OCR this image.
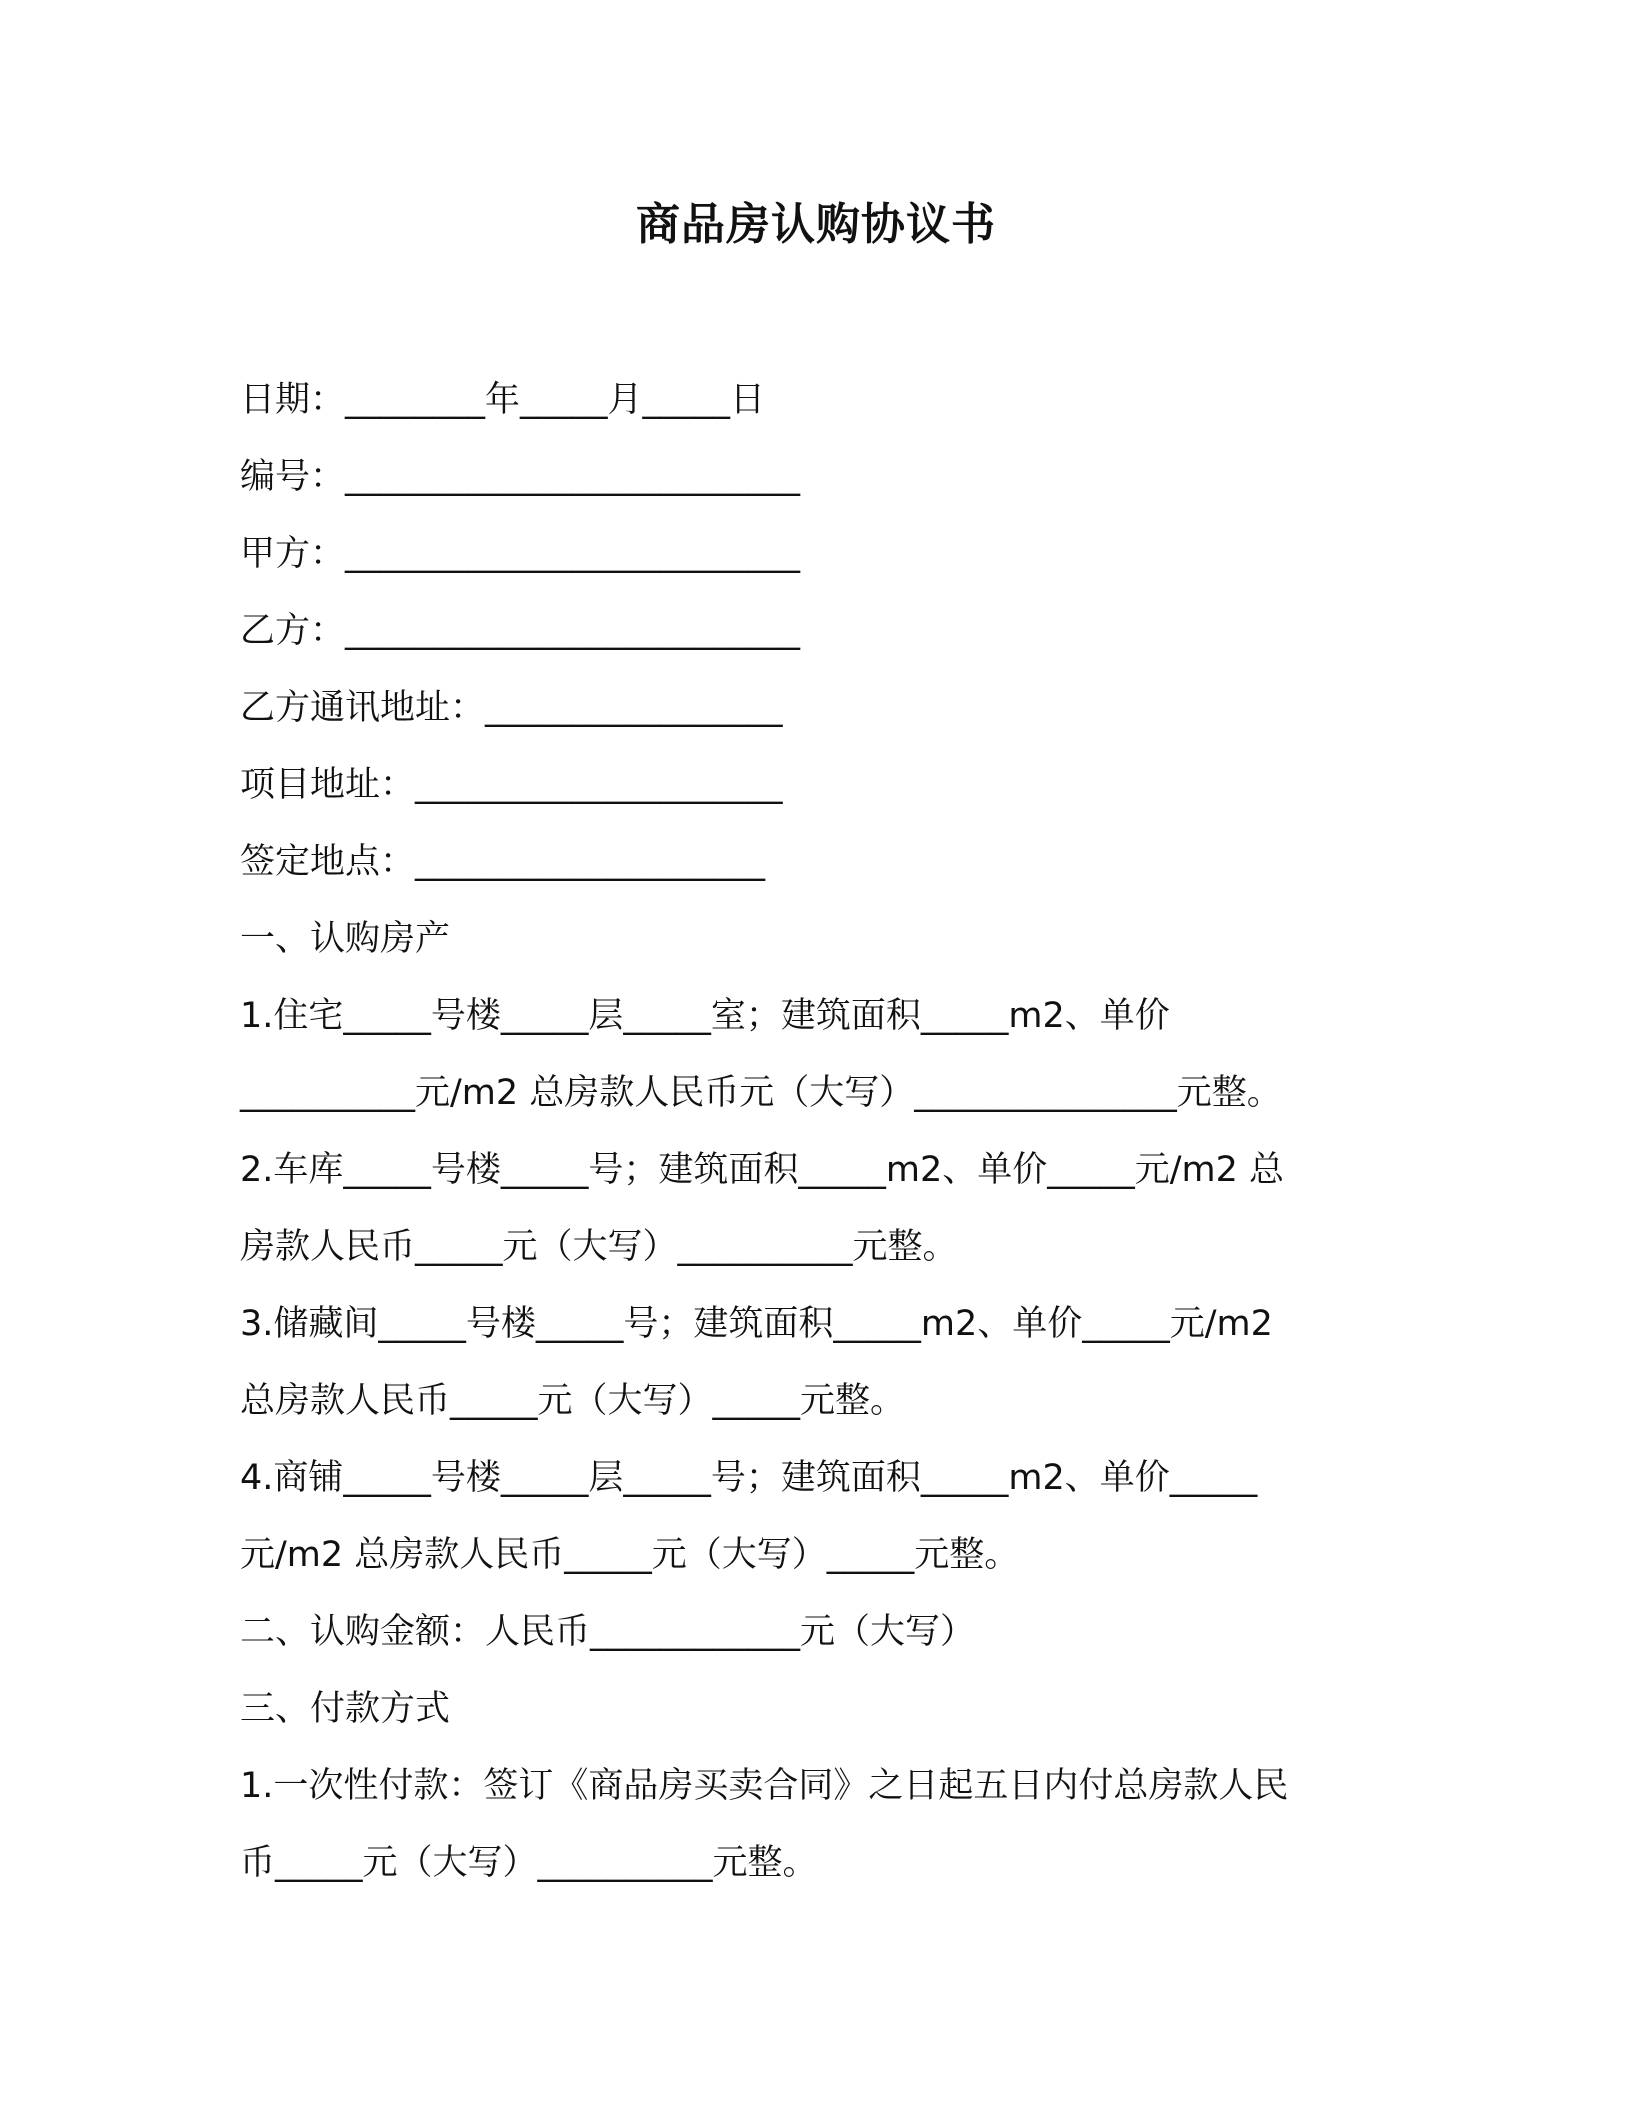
商品房认购协议书
日期：________年_____月_____日
编号：__________________________
甲方：__________________________
乙方：__________________________
乙方通讯地址：_________________
项目地址：_____________________
签定地点：____________________
一、认购房产
1.住宅_____号楼_____层_____室；建筑面积_____m2、单价
__________元/m2 总房款人民币元（大写）_______________元整。
2.车库_____号楼_____号；建筑面积_____m2、单价_____元/m2 总
房款人民币_____元（大写）__________元整。
3.储藏间_____号楼_____号；建筑面积_____m2、单价_____元/m2
总房款人民币_____元（大写）_____元整。
4.商铺_____号楼_____层_____号；建筑面积_____m2、单价_____
元/m2 总房款人民币_____元（大写）_____元整。
二、认购金额：人民币____________元（大写）
三、付款方式
1.一次性付款：签订《商品房买卖合同》之日起五日内付总房款人民
币_____元（大写）__________元整。
